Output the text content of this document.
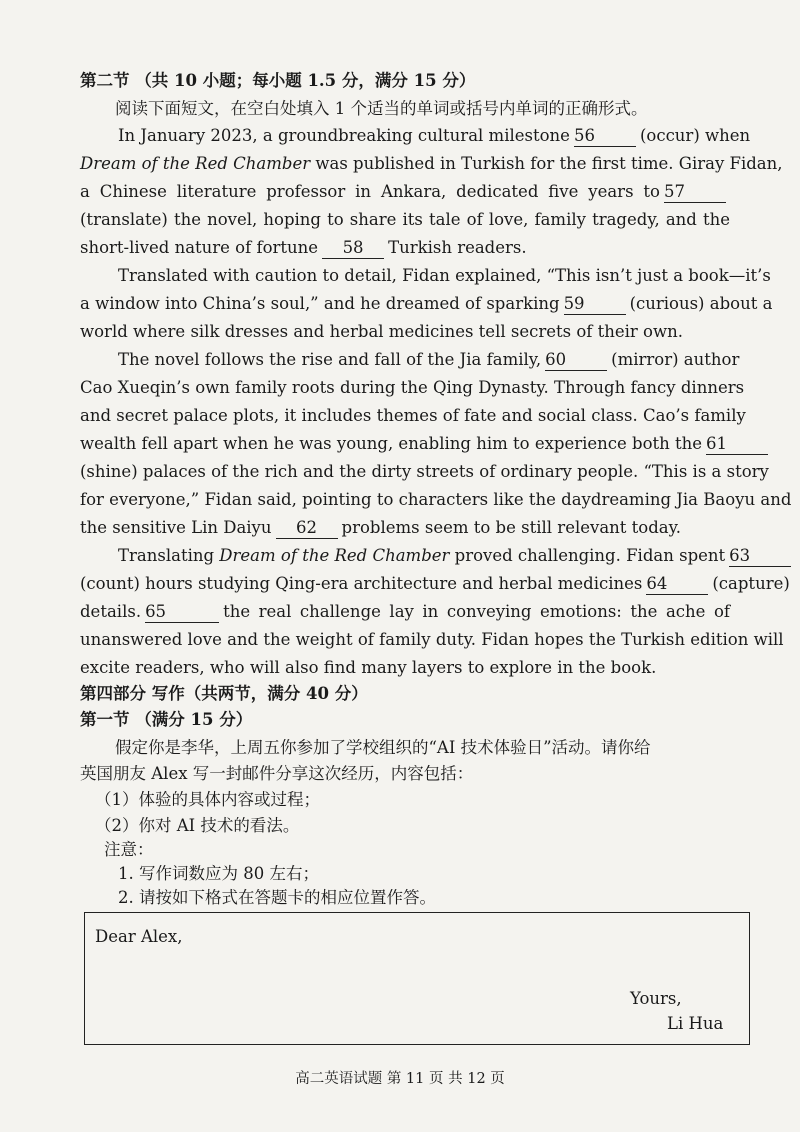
第二节 （共 10 小题；每小题 1.5 分，满分 15 分）
阅读下面短文，在空白处填入 1 个适当的单词或括号内单词的正确形式。
In January 2023, a groundbreaking cultural milestone 56	(occur) when
Dream of the Red Chamber was published in Turkish for the first time. Giray Fidan,
a Chinese literature professor in Ankara, dedicated five years to 57
(translate) the novel, hoping to share its tale of love, family tragedy, and the
short-lived nature of fortune 58 Turkish readers.
Translated with caution to detail, Fidan explained, “This isn’t just a book—it’s
a window into China’s soul,” and he dreamed of sparking 59	(curious) about a
world where silk dresses and herbal medicines tell secrets of their own.
The novel follows the rise and fall of the Jia family, 60	(mirror) author
Cao Xueqin’s own family roots during the Qing Dynasty. Through fancy dinners
and secret palace plots, it includes themes of fate and social class. Cao’s family
wealth fell apart when he was young, enabling him to experience both the 61
(shine) palaces of the rich and the dirty streets of ordinary people. “This is a story
for everyone,” Fidan said, pointing to characters like the daydreaming Jia Baoyu and
the sensitive Lin Daiyu 62 problems seem to be still relevant today.
Translating Dream of the Red Chamber proved challenging. Fidan spent 63
(count) hours studying Qing-era architecture and herbal medicines 64	(capture)
details. 65	the real challenge lay in conveying emotions: the ache of
unanswered love and the weight of family duty. Fidan hopes the Turkish edition will
excite readers, who will also find many layers to explore in the book.
第四部分 写作（共两节，满分 40 分）
第一节 （满分 15 分）
假定你是李华，上周五你参加了学校组织的“AI 技术体验日”活动。请你给
英国朋友 Alex 写一封邮件分享这次经历，内容包括：
（1）体验的具体内容或过程；
（2）你对 AI 技术的看法。
注意：
1. 写作词数应为 80 左右；
2. 请按如下格式在答题卡的相应位置作答。
Dear Alex,
Yours,
Li Hua
高二英语试题 第 11 页 共 12 页
